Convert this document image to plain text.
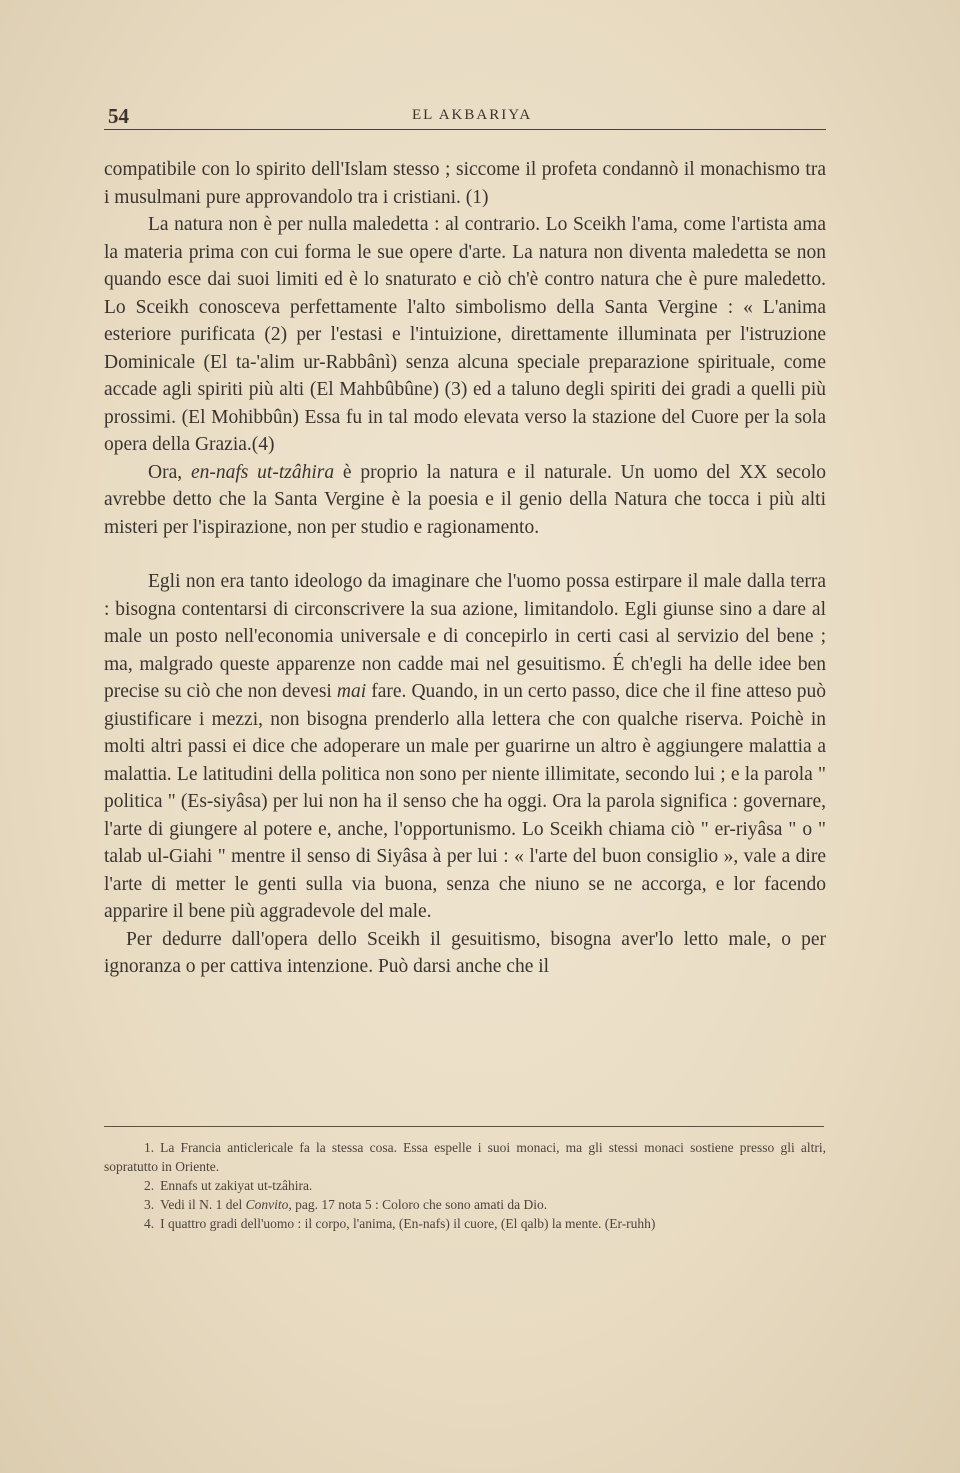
54	EL AKBARIYA

compatibile con lo spirito dell'Islam stesso ; siccome il profeta condannò il monachismo tra i musulmani pure approvandolo tra i cristiani. (1)

La natura non è per nulla maledetta : al contrario. Lo Sceikh l'ama, come l'artista ama la materia prima con cui forma le sue opere d'arte. La natura non diventa maledetta se non quando esce dai suoi limiti ed è lo snaturato e ciò ch'è contro natura che è pure maledetto. Lo Sceikh conosceva perfettamente l'alto simbolismo della Santa Vergine : « L'anima esteriore purificata (2) per l'estasi e l'intuizione, direttamente illuminata per l'istruzione Dominicale (El ta-'alim ur-Rabbânì) senza alcuna speciale preparazione spirituale, come accade agli spiriti più alti (El Mahbûbûne) (3) ed a taluno degli spiriti dei gradi a quelli più prossimi. (El Mohibbûn) Essa fu in tal modo elevata verso la stazione del Cuore per la sola opera della Grazia.(4)

Ora, en-nafs ut-tzâhira è proprio la natura e il naturale. Un uomo del XX secolo avrebbe detto che la Santa Vergine è la poesia e il genio della Natura che tocca i più alti misteri per l'ispirazione, non per studio e ragionamento.

Egli non era tanto ideologo da imaginare che l'uomo possa estirpare il male dalla terra : bisogna contentarsi di circonscrivere la sua azione, limitandolo. Egli giunse sino a dare al male un posto nell'economia universale e di concepirlo in certi casi al servizio del bene ; ma, malgrado queste apparenze non cadde mai nel gesuitismo. É ch'egli ha delle idee ben precise su ciò che non devesi mai fare. Quando, in un certo passo, dice che il fine atteso può giustificare i mezzi, non bisogna prenderlo alla lettera che con qualche riserva. Poichè in molti altri passi ei dice che adoperare un male per guarirne un altro è aggiungere malattia a malattia. Le latitudini della politica non sono per niente illimitate, secondo lui ; e la parola " politica " (Es-siyâsa) per lui non ha il senso che ha oggi. Ora la parola significa : governare, l'arte di giungere al potere e, anche, l'opportunismo. Lo Sceikh chiama ciò " er-riyâsa " o " talab ul-Giahi " mentre il senso di Siyâsa à per lui : « l'arte del buon consiglio », vale a dire l'arte di metter le genti sulla via buona, senza che niuno se ne accorga, e lor facendo apparire il bene più aggradevole del male.

Per dedurre dall'opera dello Sceikh il gesuitismo, bisogna aver'lo letto male, o per ignoranza o per cattiva intenzione. Può darsi anche che il

1. La Francia anticlericale fa la stessa cosa. Essa espelle i suoi monaci, ma gli stessi monaci sostiene presso gli altri, sopratutto in Oriente.

2. Ennafs ut zakiyat ut-tzâhira.

3. Vedi il N. 1 del Convito, pag. 17 nota 5 : Coloro che sono amati da Dio.

4. I quattro gradi dell'uomo : il corpo, l'anima, (En-nafs) il cuore, (El qalb) la mente. (Er-ruhh)
